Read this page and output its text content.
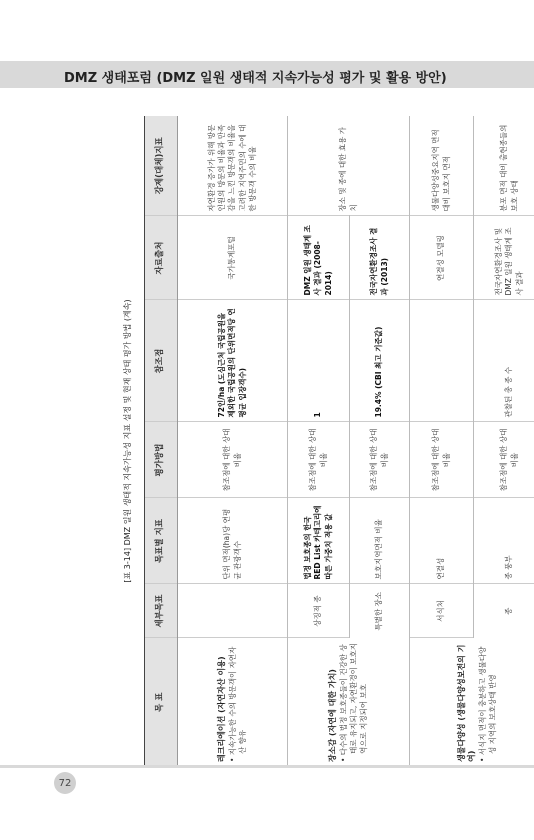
DMZ 생태포럼 (DMZ 일원 생태적 지속가능성 평가 및 활용 방안)
[표 3-14] DMZ 일원 생태적 지속가능성 지표 설정 및 현재 상태 평가 방법 (계속)
목 표	세부목표	목표별 지표	평가방법	참조점	자료출처	강제(대체)지표

레크리에이션 (자연자산 이용) • 지속가능한 수의 방문객이 자연자산 향유		단위 면적(ha)당 연평균 관광객수	참조점에 대한 상대비율	72인/ha (도심근처 국립공원을 제외한 국립공원의 단위면적당 연평균 입장객수)	국가통계포털	자연환경 증가가 위해 방문인원의 방문의 비율과 만족감을 느낀 방문객의 비율을 고려한 지역주민의 수에 대한 방문객 수의 비율

장소감 (자연에 대한 가치) • 다수의 법정 보호종들이 건강한 상태로 유지되고, 자연환경이 보호지역으로 지정되어 보호	상징적 종	법정 보호종의 한국 RED List 카테고리에 따른 가중치 적용 값	참조점에 대한 상대비율	1	DMZ 일원 생태계 조사 결과 (2008-2014)	장소 및 종에 대한 효용 가치
	특별한 장소	보호지역면적 비율	참조점에 대한 상대비율	19.4% (CBI 최고 기준값)	전국자연환경조사 결과 (2013)	

생물다양성 (생물다양성보전의 기여) • 서식지 면적이 충분하고 생물다양성 지역의 보호상태 반영	서식처	연결성	참조점에 대한 상대비율		연결성 모델링	생물다양성중요지역 면적 대비 보호지 면적
	종	종 풍부	참조점에 대한 상대비율	관찰된 총 종 수	전국자연환경조사 및 DMZ 일원 생태계 조사 결과	분포 면적 대비 출현종들의 보호 상태
72
